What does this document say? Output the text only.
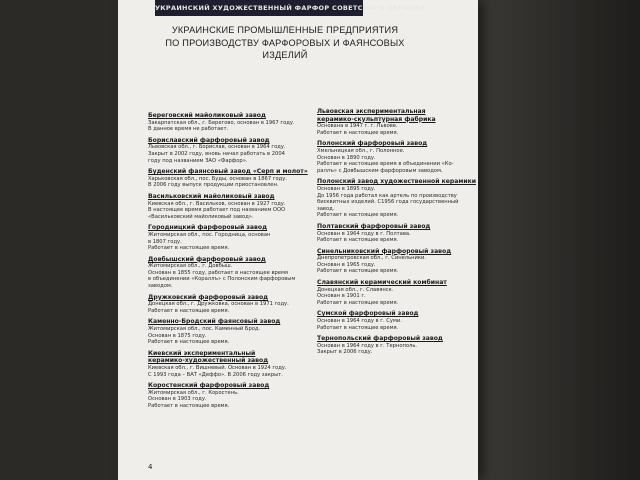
УКРАИНСКИЙ ХУДОЖЕСТВЕННЫЙ ФАРФОР СОВЕТСКОГО ПЕРИОДА
УКРАИНСКИЕ ПРОМЫШЛЕННЫЕ ПРЕДПРИЯТИЯ
ПО ПРОИЗВОДСТВУ ФАРФОРОВЫХ И ФАЯНСОВЫХ
ИЗДЕЛИЙ
Береговский майоликовый завод
Закарпатская обл., г. Берегово, основан в 1967 году.
В данное время не работает.
Бориславский фарфоровый завод
Львовская обл., г. Борислав, основан в 1964 году.
Закрыт в 2002 году, вновь начал работать в 2004
году под названием ЗАО «Фарфор».
Буденский фаянсовый завод «Серп и молот»
Харьковская обл., пос. Буды, основан в 1867 году.
В 2006 году выпуск продукции приостановлен.
Васильковский майоликовый завод
Киевская обл., г. Васильков, основан в 1927 году.
В настоящее время работает под названием ООО
«Васильковский майоликовый завод».
Городницкий фарфоровый завод
Житомирская обл., пос. Городница, основан
в 1807 году.
Работает в настоящее время.
Довбышский фарфоровый завод
Житомирская обл., г. Довбыш.
Основан в 1855 году, работает в настоящее время
в объединении «Кораллъ» с Полонским фарфоровым
заводом.
Дружковский фарфоровый завод
Донецкая обл., г. Дружковка, основан в 1971 году.
Работает в настоящее время.
Каменно-Бродский фаянсовый завод
Житомирская обл., пос. Каменный Брод.
Основан в 1875 году.
Работает в настоящее время.
Киевский экспериментальный
керамико-художественный завод
Киевская обл., г. Вишневый. Основан в 1924 году.
С 1993 года – ВАТ «Деффо». В 2006 году закрыт.
Коростенский фарфоровый завод
Житомирская обл., г. Коростень.
Основан в 1903 году.
Работает в настоящее время.
Львовская экспериментальная
керамико-скульптурная фабрика
Основана в 1947 г. г. Львове.
Работает в настоящее время.
Полонский фарфоровый завод
Хмельницкая обл., г. Полонное.
Основан в 1890 году.
Работает в настоящее время в объединении «Ко-
раллъ» с Довбышским фарфоровым заводом.
Полонский завод художественной керамики
Основан в 1895 году.
До 1956 года работал как артель по производству
бисквитных изделий. С1956 года государственный
завод.
Работает в настоящее время.
Полтавский фарфоровый завод
Основан в 1964 году в г. Полтава.
Работает в настоящее время.
Синельниковский фарфоровый завод
Днепропетровская обл., г. Синельники.
Основан в 1965 году.
Работает в настоящее время.
Славянский керамический комбинат
Донецкая обл., г. Славянск.
Основан в 1901 г.
Работает в настоящее время.
Сумской фарфоровый завод
Основан в 1964 году в г. Суми.
Работает в настоящее время.
Тернопольский фарфоровый завод
Основан в 1964 году в г. Тернополь.
Закрыт в 2006 году.
4
